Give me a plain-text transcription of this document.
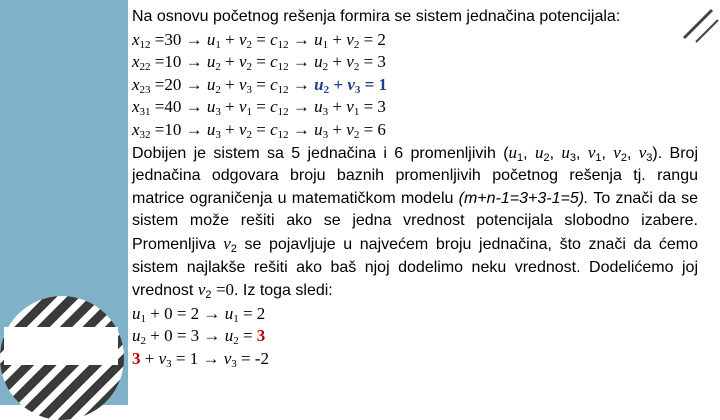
Na osnovu početnog rešenja formira se sistem jednačina potencijala:
$x_{12} =30 \to u_1 + v_2 = c_{12} \to u_1 + v_2 = 2$
$x_{22} =10 \to u_2 + v_2 = c_{12} \to u_2 + v_2 = 3$
$x_{23} =20 \to u_2 + v_3 = c_{12} \to u_2 + v_3 = 1$
$x_{31} =40 \to u_3 + v_1 = c_{12} \to u_3 + v_1 = 3$
$x_{32} =10 \to u_3 + v_2 = c_{12} \to u_3 + v_2 = 6$
Dobijen je sistem sa 5 jednačina i 6 promenljivih ($u_1$, $u_2$, $u_3$, $v_1$, $v_2$, $v_3$). Broj jednačina odgovara broju baznih promenljivih početnog rešenja tj. rangu matrice ograničenja u matematičkom modelu (m+n-1=3+3-1=5). To znači da se sistem može rešiti ako se jedna vrednost potencijala slobodno izabere. Promenljiva $v_2$ se pojavljuje u najvećem broju jednačina, što znači da ćemo sistem najlakše rešiti ako baš njoj dodelimo neku vrednost. Dodelićemo joj vrednost $v_2 =0$. Iz toga sledi:
$u_1 + 0 = 2 \to u_1 = 2$
$u_2 + 0 = 3 \to u_2 = 3$
$3 + v_3 = 1 \to v_3 = -2$
